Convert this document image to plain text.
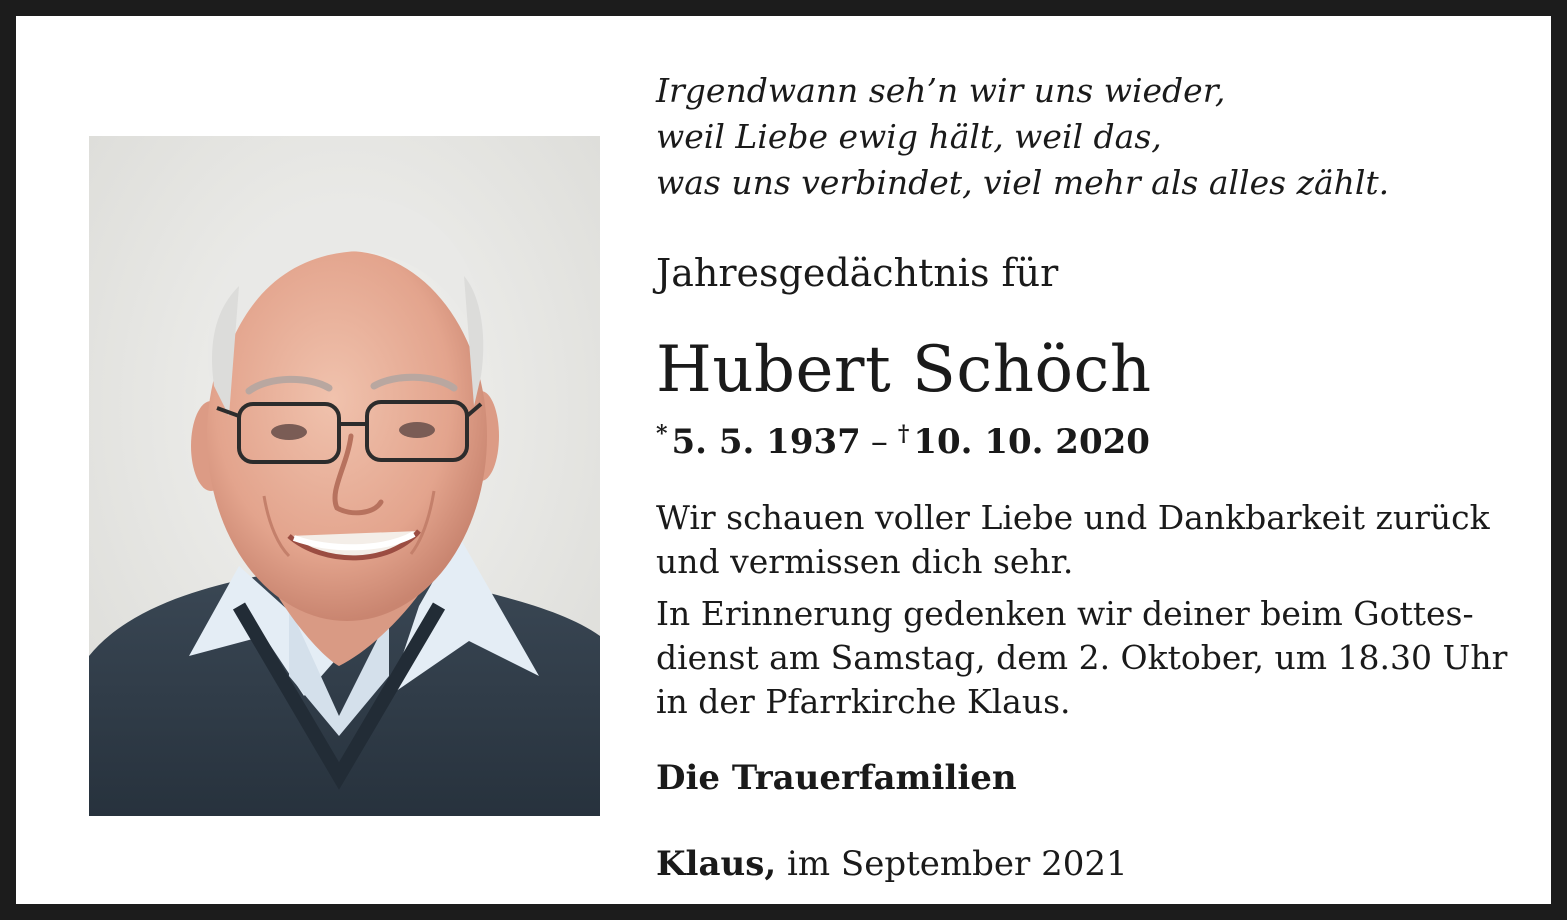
Irgendwann seh’n wir uns wieder,
weil Liebe ewig hält, weil das,
was uns verbindet, viel mehr als alles zählt.
Jahresgedächtnis für
Hubert Schöch
* 5. 5. 1937 – † 10. 10. 2020
Wir schauen voller Liebe und Dankbarkeit zurück
und vermissen dich sehr.
In Erinnerung gedenken wir deiner beim Gottes-
dienst am Samstag, dem 2. Oktober, um 18.30 Uhr
in der Pfarrkirche Klaus.
Die Trauerfamilien
Klaus, im September 2021
